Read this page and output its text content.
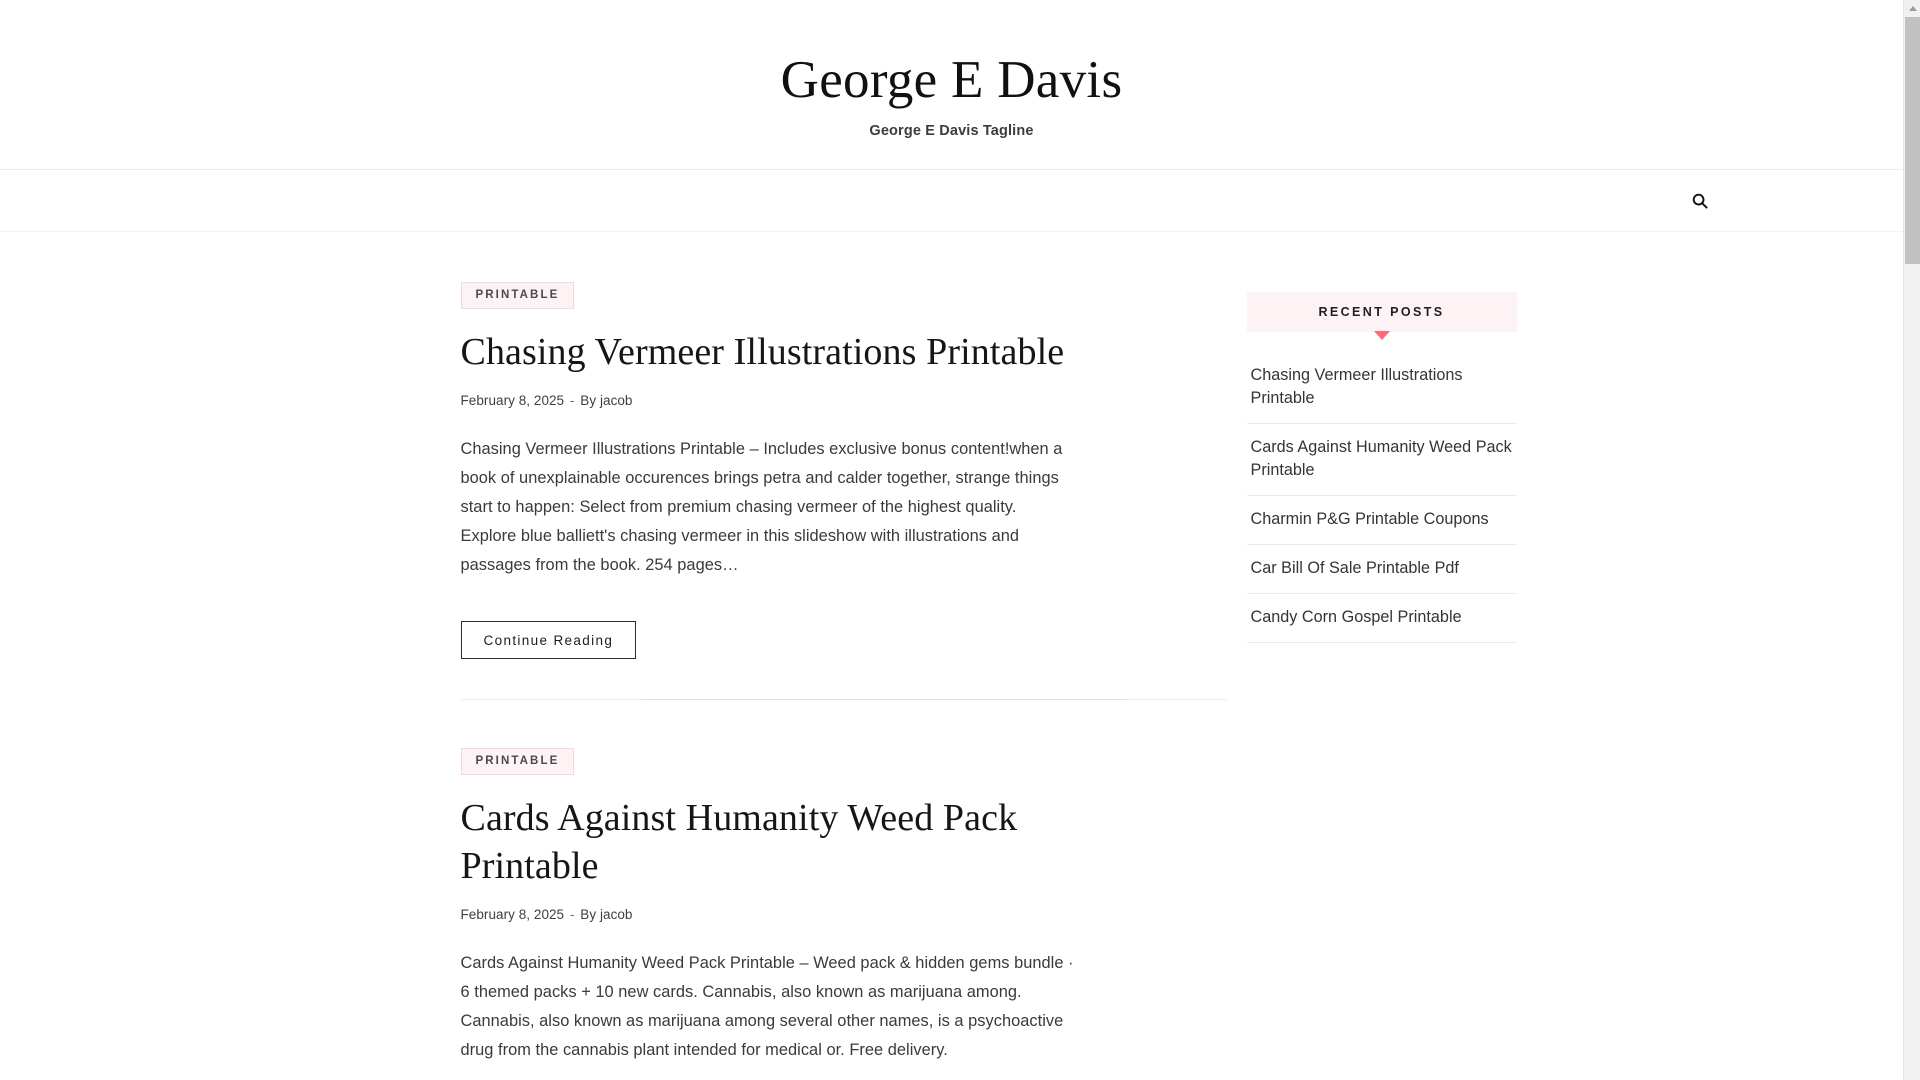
George E Davis
George E Davis Tagline
PRINTABLE
Chasing Vermeer Illustrations Printable
February 8, 2025 - By jacob

Chasing Vermeer Illustrations Printable – Includes exclusive bonus content!when a book of unexplainable occurences brings petra and calder together, strange things start to happen: Select from premium chasing vermeer of the highest quality. Explore blue balliett's chasing vermeer in this slideshow with illustrations and passages from the book. 254 pages…

Continue Reading
PRINTABLE
Cards Against Humanity Weed Pack Printable
February 8, 2025 - By jacob

Cards Against Humanity Weed Pack Printable – Weed pack & hidden gems bundle · 6 themed packs + 10 new cards. Cannabis, also known as marijuana among. Cannabis, also known as marijuana among several other names, is a psychoactive drug from the cannabis plant intended for medical or. Free delivery.

RECENT POSTS
Chasing Vermeer Illustrations Printable
Cards Against Humanity Weed Pack Printable
Charmin P&G Printable Coupons
Car Bill Of Sale Printable Pdf
Candy Corn Gospel Printable
